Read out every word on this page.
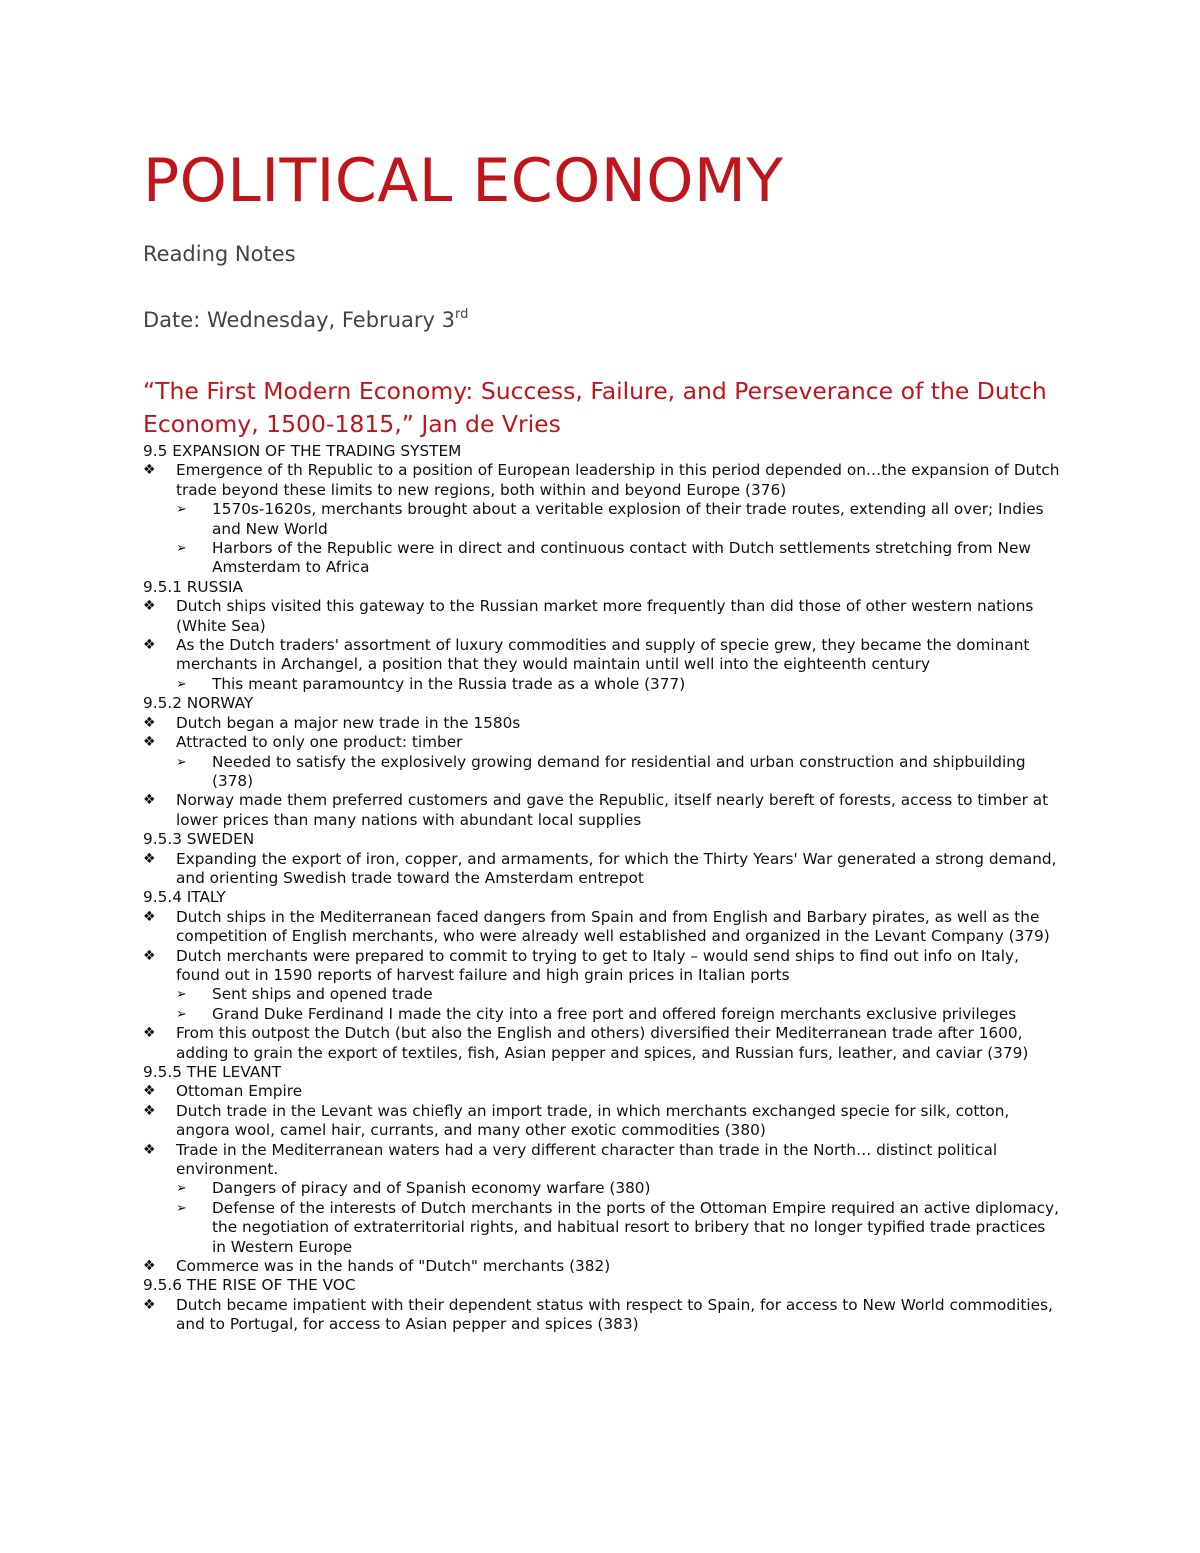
POLITICAL ECONOMY
Reading Notes
Date: Wednesday, February 3rd
“The First Modern Economy: Success, Failure, and Perseverance of the Dutch Economy, 1500-1815,” Jan de Vries
9.5 EXPANSION OF THE TRADING SYSTEM
❖ Emergence of th Republic to a position of European leadership in this period depended on…the expansion of Dutch trade beyond these limits to new regions, both within and beyond Europe (376)
➢ 1570s-1620s, merchants brought about a veritable explosion of their trade routes, extending all over; Indies and New World
➢ Harbors of the Republic were in direct and continuous contact with Dutch settlements stretching from New Amsterdam to Africa
9.5.1 RUSSIA
❖ Dutch ships visited this gateway to the Russian market more frequently than did those of other western nations (White Sea)
❖ As the Dutch traders' assortment of luxury commodities and supply of specie grew, they became the dominant merchants in Archangel, a position that they would maintain until well into the eighteenth century
➢ This meant paramountcy in the Russia trade as a whole (377)
9.5.2 NORWAY
❖ Dutch began a major new trade in the 1580s
❖ Attracted to only one product: timber
➢ Needed to satisfy the explosively growing demand for residential and urban construction and shipbuilding (378)
❖ Norway made them preferred customers and gave the Republic, itself nearly bereft of forests, access to timber at lower prices than many nations with abundant local supplies
9.5.3 SWEDEN
❖ Expanding the export of iron, copper, and armaments, for which the Thirty Years' War generated a strong demand, and orienting Swedish trade toward the Amsterdam entrepot
9.5.4 ITALY
❖ Dutch ships in the Mediterranean faced dangers from Spain and from English and Barbary pirates, as well as the competition of English merchants, who were already well established and organized in the Levant Company (379)
❖ Dutch merchants were prepared to commit to trying to get to Italy – would send ships to find out info on Italy, found out in 1590 reports of harvest failure and high grain prices in Italian ports
➢ Sent ships and opened trade
➢ Grand Duke Ferdinand I made the city into a free port and offered foreign merchants exclusive privileges
❖ From this outpost the Dutch (but also the English and others) diversified their Mediterranean trade after 1600, adding to grain the export of textiles, fish, Asian pepper and spices, and Russian furs, leather, and caviar (379)
9.5.5 THE LEVANT
❖ Ottoman Empire
❖ Dutch trade in the Levant was chiefly an import trade, in which merchants exchanged specie for silk, cotton, angora wool, camel hair, currants, and many other exotic commodities (380)
❖ Trade in the Mediterranean waters had a very different character than trade in the North… distinct political environment.
➢ Dangers of piracy and of Spanish economy warfare (380)
➢ Defense of the interests of Dutch merchants in the ports of the Ottoman Empire required an active diplomacy, the negotiation of extraterritorial rights, and habitual resort to bribery that no longer typified trade practices in Western Europe
❖ Commerce was in the hands of "Dutch" merchants (382)
9.5.6 THE RISE OF THE VOC
❖ Dutch became impatient with their dependent status with respect to Spain, for access to New World commodities, and to Portugal, for access to Asian pepper and spices (383)
